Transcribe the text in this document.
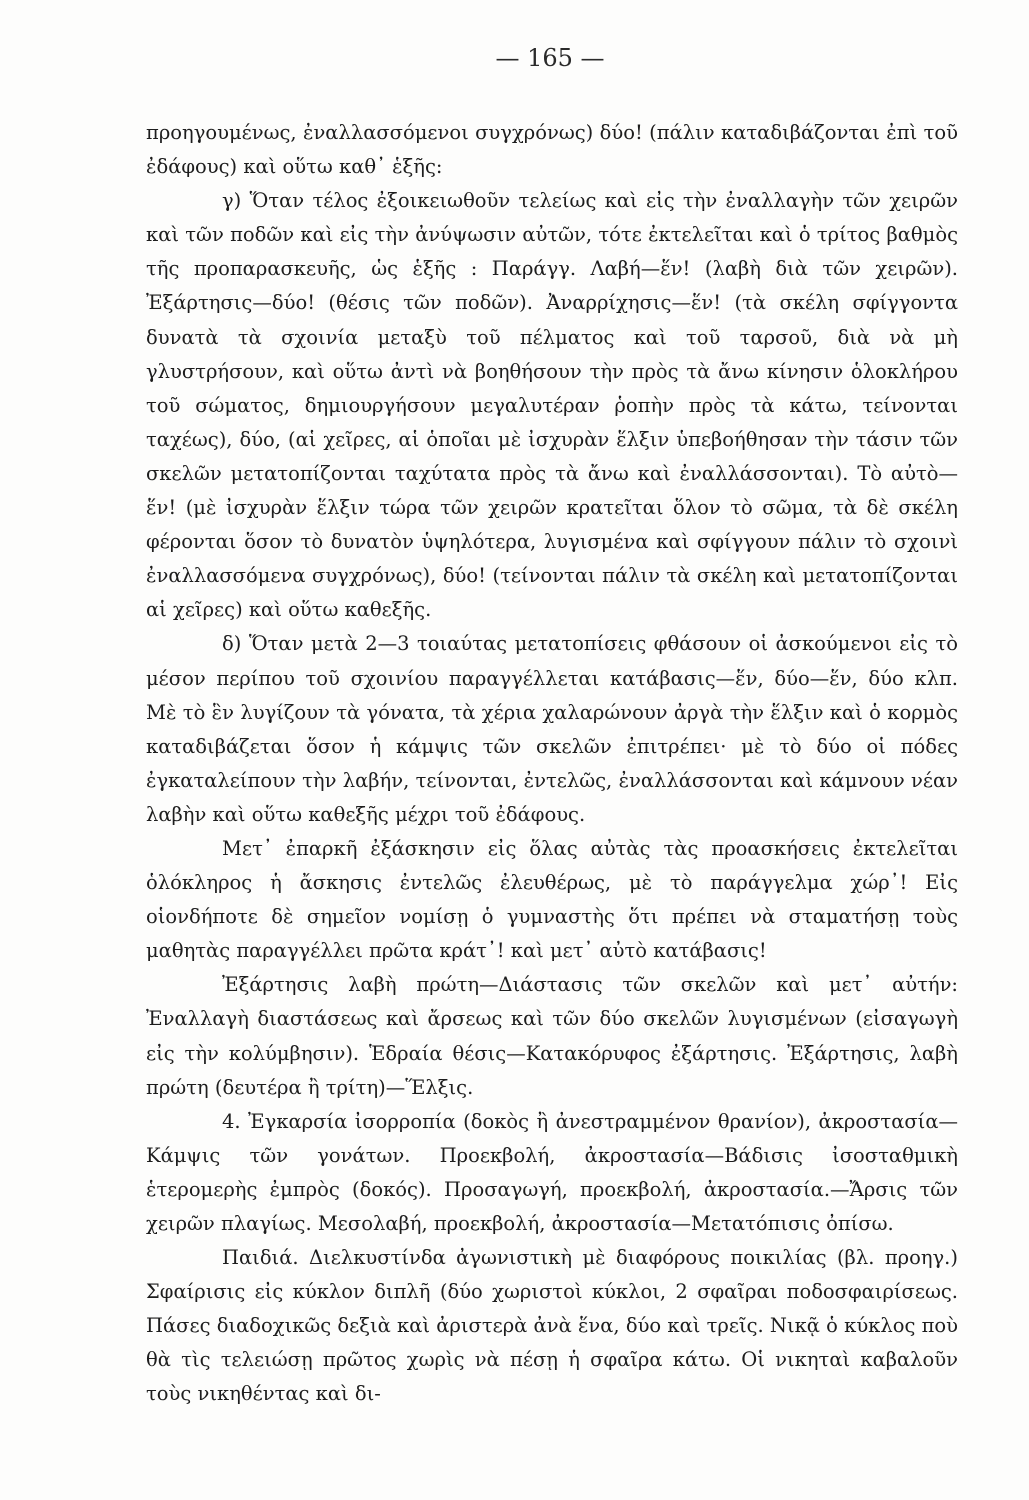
— 165 —

προηγουμένως, ἐναλλασσόμενοι συγχρόνως) δύο! (πάλιν καταδιβάζονται ἐπὶ τοῦ ἐδάφους) καὶ οὕτω καθ᾽ ἑξῆς:

γ) Ὅταν τέλος ἐξοικειωθοῦν τελείως καὶ εἰς τὴν ἐναλλαγὴν τῶν χειρῶν καὶ τῶν ποδῶν καὶ εἰς τὴν ἀνύψωσιν αὐτῶν, τότε ἐκτελεῖται καὶ ὁ τρίτος βαθμὸς τῆς προπαρασκευῆς, ὡς ἑξῆς : Παράγγ. Λαβή—ἕν! (λαβὴ διὰ τῶν χειρῶν). Ἐξάρτησις—δύο! (θέσις τῶν ποδῶν). Ἀναρρίχησις—ἕν! (τὰ σκέλη σφίγγοντα δυνατὰ τὰ σχοινία μεταξὺ τοῦ πέλματος καὶ τοῦ ταρσοῦ, διὰ νὰ μὴ γλυστρήσουν, καὶ οὕτω ἀντὶ νὰ βοηθήσουν τὴν πρὸς τὰ ἄνω κίνησιν ὁλοκλήρου τοῦ σώματος, δημιουργήσουν μεγαλυτέραν ῥοπὴν πρὸς τὰ κάτω, τείνονται ταχέως), δύο, (αἱ χεῖρες, αἱ ὁποῖαι μὲ ἰσχυρὰν ἕλξιν ὑπεβοήθησαν τὴν τάσιν τῶν σκελῶν μετατοπίζονται ταχύτατα πρὸς τὰ ἄνω καὶ ἐναλλάσσονται). Τὸ αὐτὸ—ἕν! (μὲ ἰσχυρὰν ἕλξιν τώρα τῶν χειρῶν κρατεῖται ὅλον τὸ σῶμα, τὰ δὲ σκέλη φέρονται ὅσον τὸ δυνατὸν ὑψηλότερα, λυγισμένα καὶ σφίγγουν πάλιν τὸ σχοινὶ ἐναλλασσόμενα συγχρόνως), δύο! (τείνονται πάλιν τὰ σκέλη καὶ μετατοπίζονται αἱ χεῖρες) καὶ οὕτω καθεξῆς.

δ) Ὅταν μετὰ 2—3 τοιαύτας μετατοπίσεις φθάσουν οἱ ἀσκούμενοι εἰς τὸ μέσον περίπου τοῦ σχοινίου παραγγέλλεται κατάβασις—ἕν, δύο—ἕν, δύο κλπ. Μὲ τὸ ἓν λυγίζουν τὰ γόνατα, τὰ χέρια χαλαρώνουν ἀργὰ τὴν ἕλξιν καὶ ὁ κορμὸς καταδιβάζεται ὅσον ἡ κάμψις τῶν σκελῶν ἐπιτρέπει· μὲ τὸ δύο οἱ πόδες ἐγκαταλείπουν τὴν λαβήν, τείνονται, ἐντελῶς, ἐναλλάσσονται καὶ κάμνουν νέαν λαβὴν καὶ οὕτω καθεξῆς μέχρι τοῦ ἐδάφους.

Μετ᾽ ἐπαρκῆ ἐξάσκησιν εἰς ὅλας αὐτὰς τὰς προασκήσεις ἐκτελεῖται ὁλόκληρος ἡ ἄσκησις ἐντελῶς ἐλευθέρως, μὲ τὸ παράγγελμα χώρ᾽! Εἰς οἱονδήποτε δὲ σημεῖον νομίσῃ ὁ γυμναστὴς ὅτι πρέπει νὰ σταματήσῃ τοὺς μαθητὰς παραγγέλλει πρῶτα κράτ᾽! καὶ μετ᾽ αὐτὸ κατάβασις!

Ἐξάρτησις λαβὴ πρώτη—Διάστασις τῶν σκελῶν καὶ μετ᾽ αὐτήν: Ἐναλλαγὴ διαστάσεως καὶ ἄρσεως καὶ τῶν δύο σκελῶν λυγισμένων (εἰσαγωγὴ εἰς τὴν κολύμβησιν). Ἑδραία θέσις—Κατακόρυφος ἐξάρτησις. Ἐξάρτησις, λαβὴ πρώτη (δευτέρα ἢ τρίτη)—Ἕλξις.

4. Ἐγκαρσία ἰσορροπία (δοκὸς ἢ ἀνεστραμμένον θρανίον), ἀκροστασία—Κάμψις τῶν γονάτων. Προεκβολή, ἀκροστασία—Βάδισις ἰσοσταθμικὴ ἑτερομερὴς ἐμπρὸς (δοκός). Προσαγωγή, προεκβολή, ἀκροστασία.—Ἄρσις τῶν χειρῶν πλαγίως. Μεσολαβή, προεκβολή, ἀκροστασία—Μετατόπισις ὀπίσω.

Παιδιά. Διελκυστίνδα ἀγωνιστικὴ μὲ διαφόρους ποικιλίας (βλ. προηγ.) Σφαίρισις εἰς κύκλον διπλῆ (δύο χωριστοὶ κύκλοι, 2 σφαῖραι ποδοσφαιρίσεως. Πάσες διαδοχικῶς δεξιὰ καὶ ἀριστερὰ ἀνὰ ἕνα, δύο καὶ τρεῖς. Νικᾷ ὁ κύκλος ποὺ θὰ τὶς τελειώσῃ πρῶτος χωρὶς νὰ πέσῃ ἡ σφαῖρα κάτω. Οἱ νικηταὶ καβαλοῦν τοὺς νικηθέντας καὶ δι-
